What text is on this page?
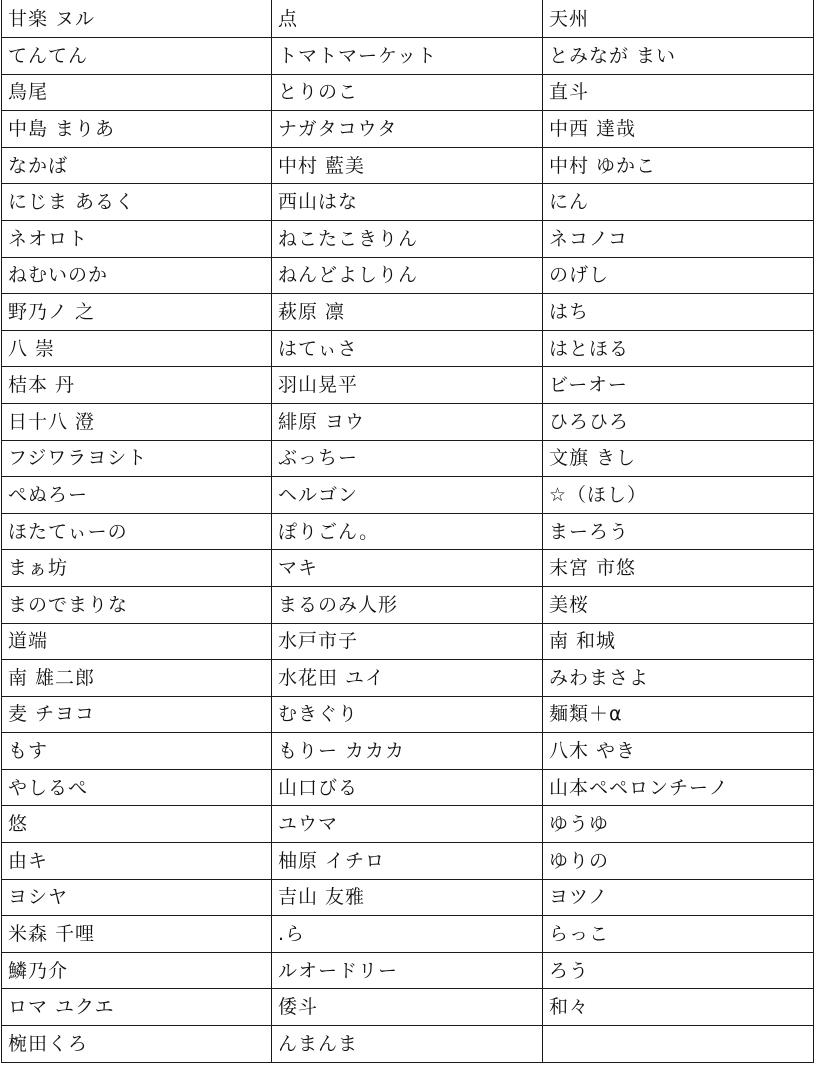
甘楽 ヌル	点	天州
てんてん	トマトマーケット	とみなが まい
鳥尾	とりのこ	直斗
中島 まりあ	ナガタコウタ	中西 達哉
なかば	中村 藍美	中村 ゆかこ
にじま あるく	西山はな	にん
ネオロト	ねこたこきりん	ネコノコ
ねむいのか	ねんどよしりん	のげし
野乃ノ 之	萩原 凛	はち
八 崇	はてぃさ	はとほる
桔本 丹	羽山晃平	ビーオー
日十八 澄	緋原 ヨウ	ひろひろ
フジワラヨシト	ぶっちー	文旗 きし
ぺぬろー	ヘルゴン	☆（ほし）
ほたてぃーの	ぽりごん。	まーろう
まぁ坊	マキ	末宮 市悠
まのでまりな	まるのみ人形	美桜
道端	水戸市子	南 和城
南 雄二郎	水花田 ユイ	みわまさよ
麦 チヨコ	むきぐり	麺類＋α
もす	もりー カカカ	八木 やき
やしるぺ	山口びる	山本ペペロンチーノ
悠	ユウマ	ゆうゆ
由キ	柚原 イチロ	ゆりの
ヨシヤ	吉山 友雅	ヨツノ
米森 千哩	.ら	らっこ
鱗乃介	ルオードリー	ろう
ロマ ユクエ	倭斗	和々
椀田くろ	んまんま	
